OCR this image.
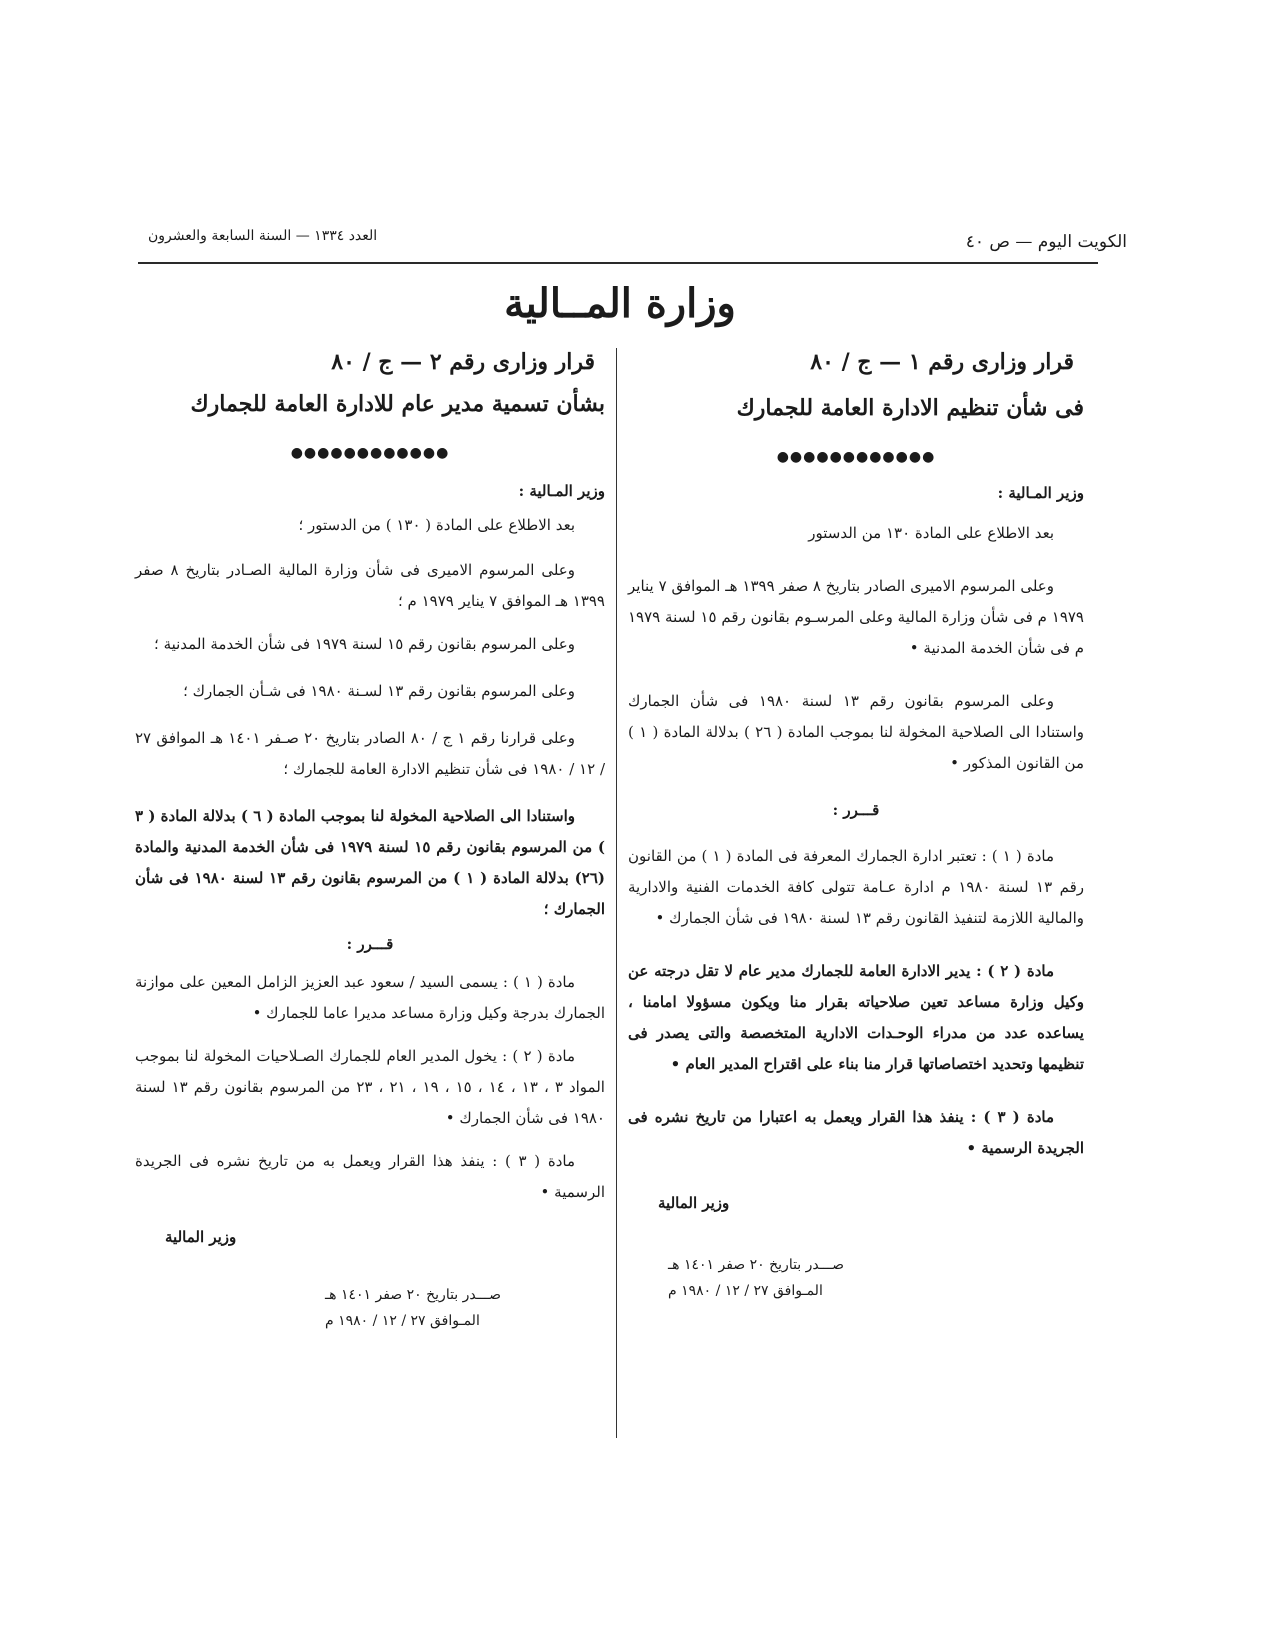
العدد ١٣٣٤ — السنة السابعة والعشرون	الكويت اليوم — ص ٤٠
وزارة المــالية
قرار وزارى رقم ١ — ج / ٨٠
فى شأن تنظيم الادارة العامة للجمارك
●●●●●●●●●●●●
وزير المـالية :
بعد الاطلاع على المادة ١٣٠ من الدستور
وعلى المرسوم الاميرى الصادر بتاريخ ٨ صفر ١٣٩٩ هـ الموافق ٧ يناير ١٩٧٩ م فى شأن وزارة المالية وعلى المرسـوم بقانون رقم ١٥ لسنة ١٩٧٩ م فى شأن الخدمة المدنية •
وعلى المرسوم بقانون رقم ١٣ لسنة ١٩٨٠ فى شأن الجمارك واستنادا الى الصلاحية المخولة لنا بموجب المادة ( ٢٦ ) بدلالة المادة ( ١ ) من القانون المذكور •
قـــرر :
مادة ( ١ ) : تعتبر ادارة الجمارك المعرفة فى المادة ( ١ ) من القانون رقم ١٣ لسنة ١٩٨٠ م ادارة عـامة تتولى كافة الخدمات الفنية والادارية والمالية اللازمة لتنفيذ القانون رقم ١٣ لسنة ١٩٨٠ فى شأن الجمارك •
مادة ( ٢ ) : يدير الادارة العامة للجمارك مدير عام لا تقل درجته عن وكيل وزارة مساعد تعين صلاحياته بقرار منا ويكون مسؤولا امامنا ، يساعده عدد من مدراء الوحـدات الادارية المتخصصة والتى يصدر فى تنظيمها وتحديد اختصاصاتها قرار منا بناء على اقتراح المدير العام •
مادة ( ٣ ) : ينفذ هذا القرار ويعمل به اعتبارا من تاريخ نشره فى الجريدة الرسمية •
وزير المالية
صـــدر بتاريخ ٢٠ صفر ١٤٠١ هـ
المـوافق ٢٧ / ١٢ / ١٩٨٠ م
قرار وزارى رقم ٢ — ج / ٨٠
بشأن تسمية مدير عام للادارة العامة للجمارك
●●●●●●●●●●●●
وزير المـالية :
بعد الاطلاع على المادة ( ١٣٠ ) من الدستور ؛
وعلى المرسوم الاميرى فى شأن وزارة المالية الصـادر بتاريخ ٨ صفر ١٣٩٩ هـ الموافق ٧ يناير ١٩٧٩ م ؛
وعلى المرسوم بقانون رقم ١٥ لسنة ١٩٧٩ فى شأن الخدمة المدنية ؛
وعلى المرسوم بقانون رقم ١٣ لسـنة ١٩٨٠ فى شـأن الجمارك ؛
وعلى قرارنا رقم ١ ج / ٨٠ الصادر بتاريخ ٢٠ صـفر ١٤٠١ هـ الموافق ٢٧ / ١٢ / ١٩٨٠ فى شأن تنظيم الادارة العامة للجمارك ؛
واستنادا الى الصلاحية المخولة لنا بموجب المادة ( ٦ ) بدلالة المادة ( ٣ ) من المرسوم بقانون رقم ١٥ لسنة ١٩٧٩ فى شأن الخدمة المدنية والمادة (٢٦) بدلالة المادة ( ١ ) من المرسوم بقانون رقم ١٣ لسنة ١٩٨٠ فى شأن الجمارك ؛
قـــرر :
مادة ( ١ ) : يسمى السيد / سعود عبد العزيز الزامل المعين على موازنة الجمارك بدرجة وكيل وزارة مساعد مديرا عاما للجمارك •
مادة ( ٢ ) : يخول المدير العام للجمارك الصـلاحيات المخولة لنا بموجب المواد ٣ ، ١٣ ، ١٤ ، ١٥ ، ١٩ ، ٢١ ، ٢٣ من المرسوم بقانون رقم ١٣ لسنة ١٩٨٠ فى شأن الجمارك •
مادة ( ٣ ) : ينفذ هذا القرار ويعمل به من تاريخ نشره فى الجريدة الرسمية •
وزير المالية
صـــدر بتاريخ ٢٠ صفر ١٤٠١ هـ
المـوافق ٢٧ / ١٢ / ١٩٨٠ م
